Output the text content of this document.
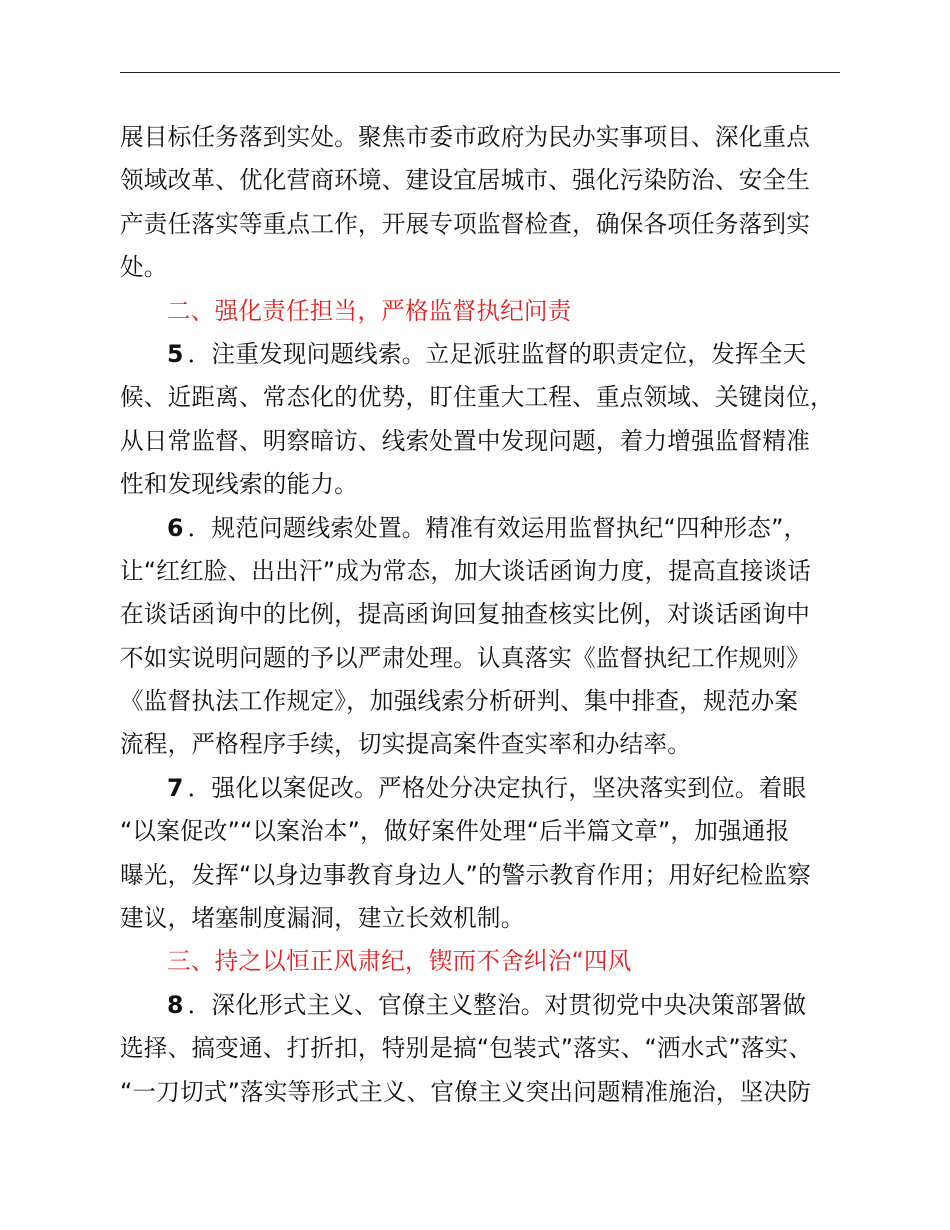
展目标任务落到实处。聚焦市委市政府为民办实事项目、深化重点
领域改革、优化营商环境、建设宜居城市、强化污染防治、安全生
产责任落实等重点工作，开展专项监督检查，确保各项任务落到实
处。
二、强化责任担当，严格监督执纪问责
5 ．注重发现问题线索。立足派驻监督的职责定位，发挥全天
候、近距离、常态化的优势，盯住重大工程、重点领域、关键岗位，
从日常监督、明察暗访、线索处置中发现问题，着力增强监督精准
性和发现线索的能力。
6 ．规范问题线索处置。精准有效运用监督执纪“四种形态”，
让“红红脸、出出汗”成为常态，加大谈话函询力度，提高直接谈话
在谈话函询中的比例，提高函询回复抽查核实比例，对谈话函询中
不如实说明问题的予以严肃处理。认真落实《监督执纪工作规则》
《监督执法工作规定》，加强线索分析研判、集中排查，规范办案
流程，严格程序手续，切实提高案件查实率和办结率。
7 ．强化以案促改。严格处分决定执行，坚决落实到位。着眼
“以案促改”“以案治本”，做好案件处理“后半篇文章”，加强通报
曝光，发挥“以身边事教育身边人”的警示教育作用；用好纪检监察
建议，堵塞制度漏洞，建立长效机制。
三、持之以恒正风肃纪，锲而不舍纠治“四风
8 ．深化形式主义、官僚主义整治。对贯彻党中央决策部署做
选择、搞变通、打折扣，特别是搞“包装式”落实、“洒水式”落实、
“一刀切式”落实等形式主义、官僚主义突出问题精准施治，坚决防
